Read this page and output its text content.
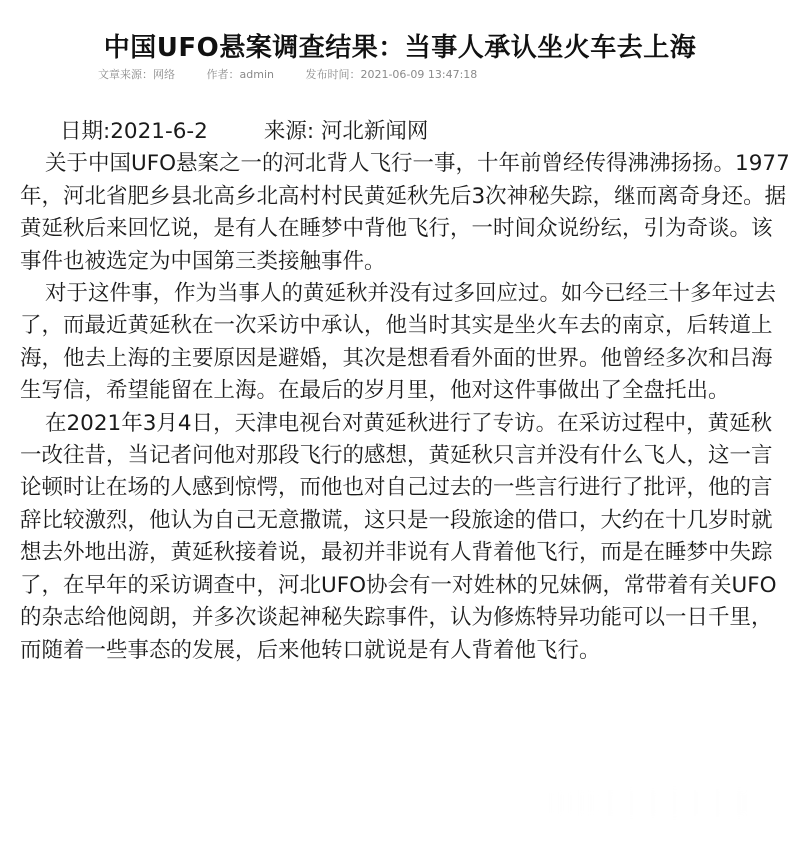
中国UFO悬案调查结果：当事人承认坐火车去上海
文章来源：网络	作者：admin	发布时间：2021-06-09 13:47:18
日期:2021-6-2	来源: 河北新闻网

关于中国UFO悬案之一的河北背人飞行一事，十年前曾经传得沸沸扬扬。1977年，河北省肥乡县北高乡北高村村民黄延秋先后3次神秘失踪，继而离奇身还。据黄延秋后来回忆说，是有人在睡梦中背他飞行，一时间众说纷纭，引为奇谈。该事件也被选定为中国第三类接触事件。

对于这件事，作为当事人的黄延秋并没有过多回应过。如今已经三十多年过去了，而最近黄延秋在一次采访中承认，他当时其实是坐火车去的南京，后转道上海，他去上海的主要原因是避婚，其次是想看看外面的世界。他曾经多次和吕海生写信，希望能留在上海。在最后的岁月里，他对这件事做出了全盘托出。

在2021年3月4日，天津电视台对黄延秋进行了专访。在采访过程中，黄延秋一改往昔，当记者问他对那段飞行的感想，黄延秋只言并没有什么飞人，这一言论顿时让在场的人感到惊愕，而他也对自己过去的一些言行进行了批评，他的言辞比较激烈，他认为自己无意撒谎，这只是一段旅途的借口，大约在十几岁时就想去外地出游，黄延秋接着说，最初并非说有人背着他飞行，而是在睡梦中失踪了，在早年的采访调查中，河北UFO协会有一对姓林的兄妹俩，常带着有关UFO的杂志给他阅朗，并多次谈起神秘失踪事件，认为修炼特异功能可以一日千里，而随着一些事态的发展，后来他转口就说是有人背着他飞行。
